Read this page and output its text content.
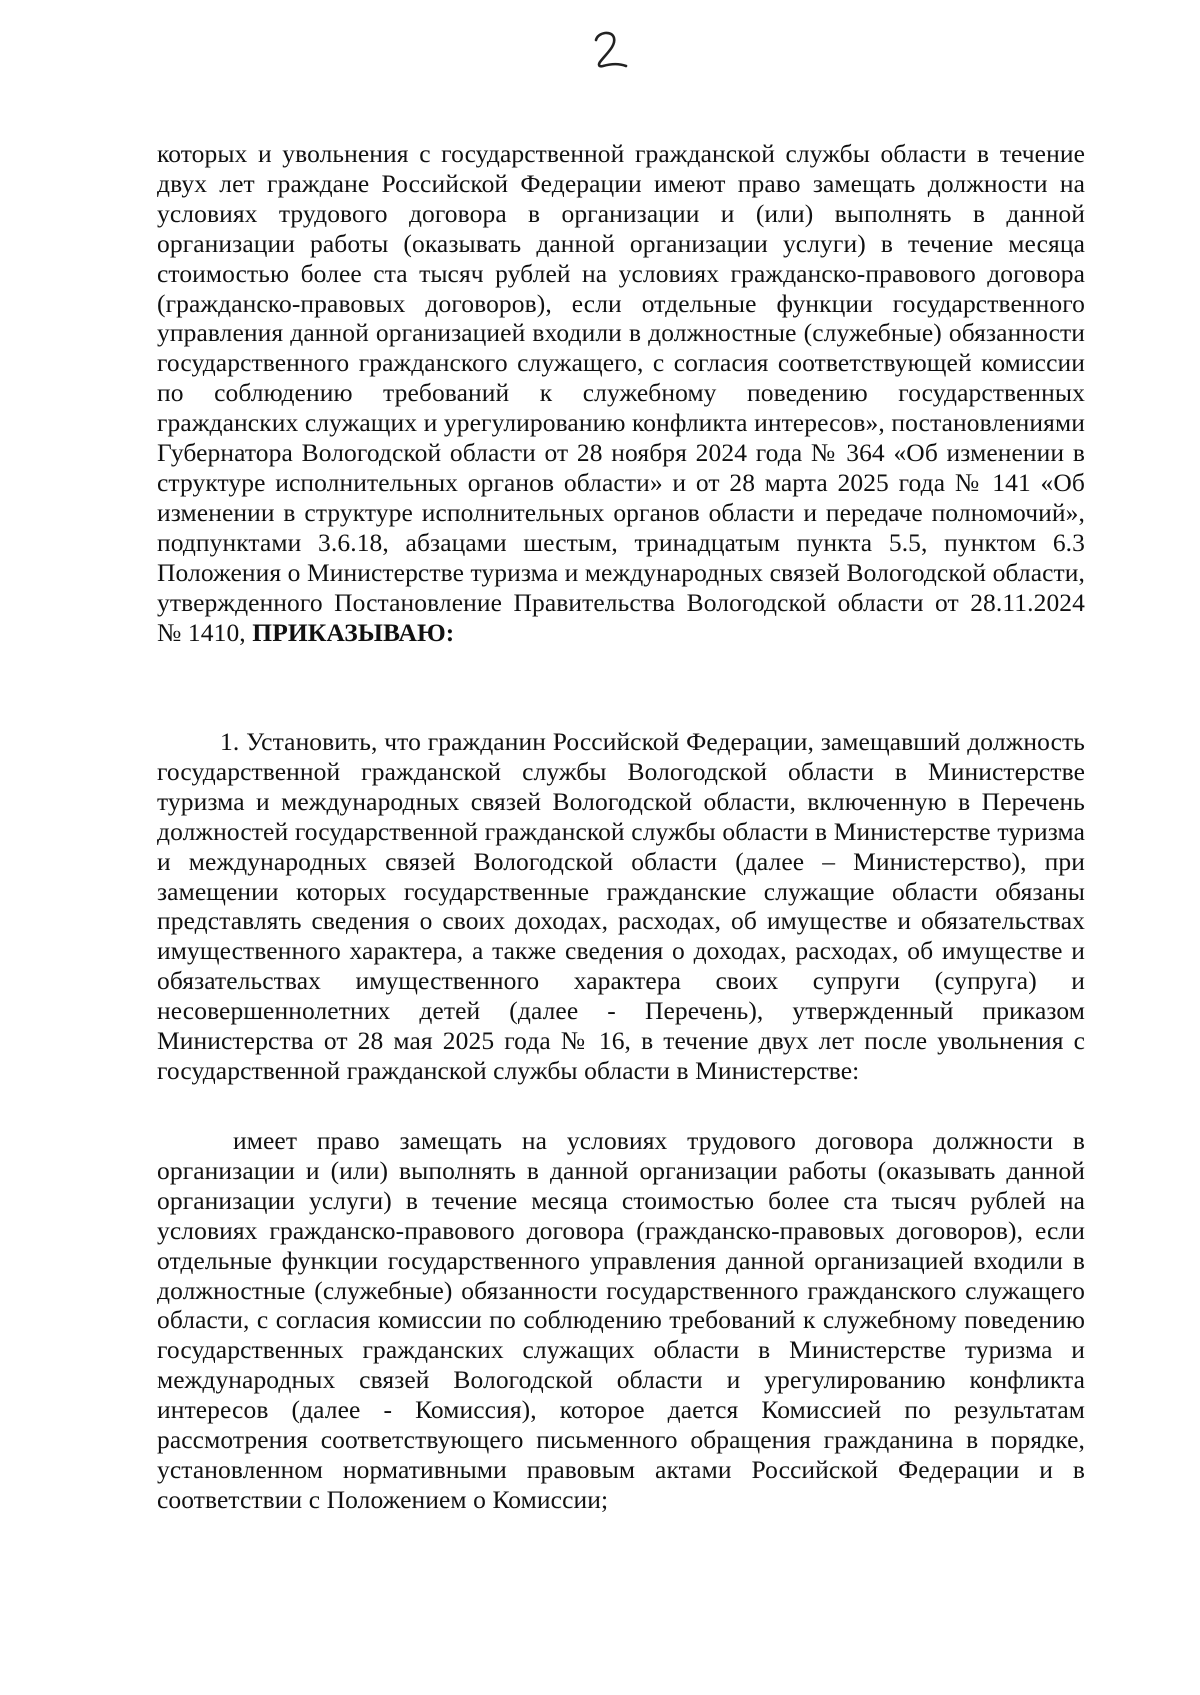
которых и увольнения с государственной гражданской службы области в течение двух лет граждане Российской Федерации имеют право замещать должности на условиях трудового договора в организации и (или) выполнять в данной организации работы (оказывать данной организации услуги) в течение месяца стоимостью более ста тысяч рублей на условиях гражданско-правового договора (гражданско-правовых договоров), если отдельные функции государственного управления данной организацией входили в должностные (служебные) обязанности государственного гражданского служащего, с согласия соответствующей комиссии по соблюдению требований к служебному поведению государственных гражданских служащих и урегулированию конфликта интересов», постановлениями Губернатора Вологодской области от 28 ноября 2024 года № 364 «Об изменении в структуре исполнительных органов области» и от 28 марта 2025 года № 141 «Об изменении в структуре исполнительных органов области и передаче полномочий», подпунктами 3.6.18, абзацами шестым, тринадцатым пункта 5.5, пунктом 6.3 Положения о Министерстве туризма и международных связей Вологодской области, утвержденного Постановление Правительства Вологодской области от 28.11.2024 № 1410, ПРИКАЗЫВАЮ:

1. Установить, что гражданин Российской Федерации, замещавший должность государственной гражданской службы Вологодской области в Министерстве туризма и международных связей Вологодской области, включенную в Перечень должностей государственной гражданской службы области в Министерстве туризма и международных связей Вологодской области (далее – Министерство), при замещении которых государственные гражданские служащие области обязаны представлять сведения о своих доходах, расходах, об имуществе и обязательствах имущественного характера, а также сведения о доходах, расходах, об имуществе и обязательствах имущественного характера своих супруги (супруга) и несовершеннолетних детей (далее - Перечень), утвержденный приказом Министерства от 28 мая 2025 года № 16, в течение двух лет после увольнения с государственной гражданской службы области в Министерстве:

имеет право замещать на условиях трудового договора должности в организации и (или) выполнять в данной организации работы (оказывать данной организации услуги) в течение месяца стоимостью более ста тысяч рублей на условиях гражданско-правового договора (гражданско-правовых договоров), если отдельные функции государственного управления данной организацией входили в должностные (служебные) обязанности государственного гражданского служащего области, с согласия комиссии по соблюдению требований к служебному поведению государственных гражданских служащих области в Министерстве туризма и международных связей Вологодской области и урегулированию конфликта интересов (далее - Комиссия), которое дается Комиссией по результатам рассмотрения соответствующего письменного обращения гражданина в порядке, установленном нормативными правовым актами Российской Федерации и в соответствии с Положением о Комиссии;
